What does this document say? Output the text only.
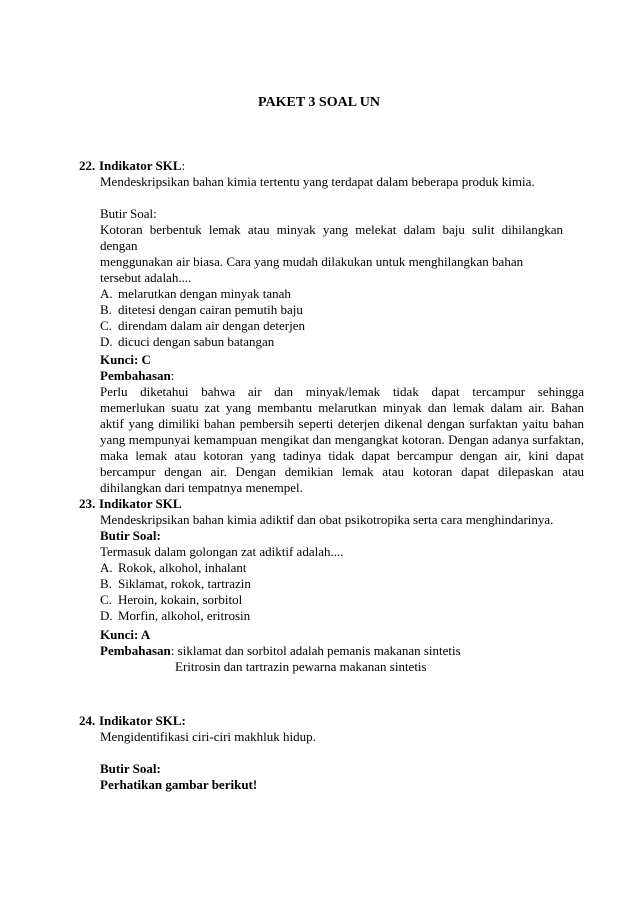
PAKET 3 SOAL UN
22. Indikator SKL:
Mendeskripsikan bahan kimia tertentu yang terdapat dalam beberapa produk kimia.
Butir Soal:
Kotoran berbentuk lemak atau minyak yang melekat dalam baju sulit dihilangkan dengan
menggunakan air biasa. Cara yang mudah dilakukan untuk menghilangkan bahan
tersebut adalah....
A. melarutkan dengan minyak tanah
B. ditetesi dengan cairan pemutih baju
C. direndam dalam air dengan deterjen
D. dicuci dengan sabun batangan
Kunci: C
Pembahasan:
Perlu diketahui bahwa air dan minyak/lemak tidak dapat tercampur sehingga
memerlukan suatu zat yang membantu melarutkan minyak dan lemak dalam air. Bahan
aktif yang dimiliki bahan pembersih seperti deterjen dikenal dengan surfaktan yaitu bahan
yang mempunyai kemampuan mengikat dan mengangkat kotoran. Dengan adanya surfaktan,
maka lemak atau kotoran yang tadinya tidak dapat bercampur dengan air, kini dapat
bercampur dengan air. Dengan demikian lemak atau kotoran dapat dilepaskan atau
dihilangkan dari tempatnya menempel.
23. Indikator SKL
Mendeskripsikan bahan kimia adiktif dan obat psikotropika serta cara menghindarinya.
Butir Soal:
Termasuk dalam golongan zat adiktif adalah....
A. Rokok, alkohol, inhalant
B. Siklamat, rokok, tartrazin
C. Heroin, kokain, sorbitol
D. Morfin, alkohol, eritrosin
Kunci: A
Pembahasan: siklamat dan sorbitol adalah pemanis makanan sintetis
Eritrosin dan tartrazin pewarna makanan sintetis
24. Indikator SKL:
Mengidentifikasi ciri-ciri makhluk hidup.
Butir Soal:
Perhatikan gambar berikut!
